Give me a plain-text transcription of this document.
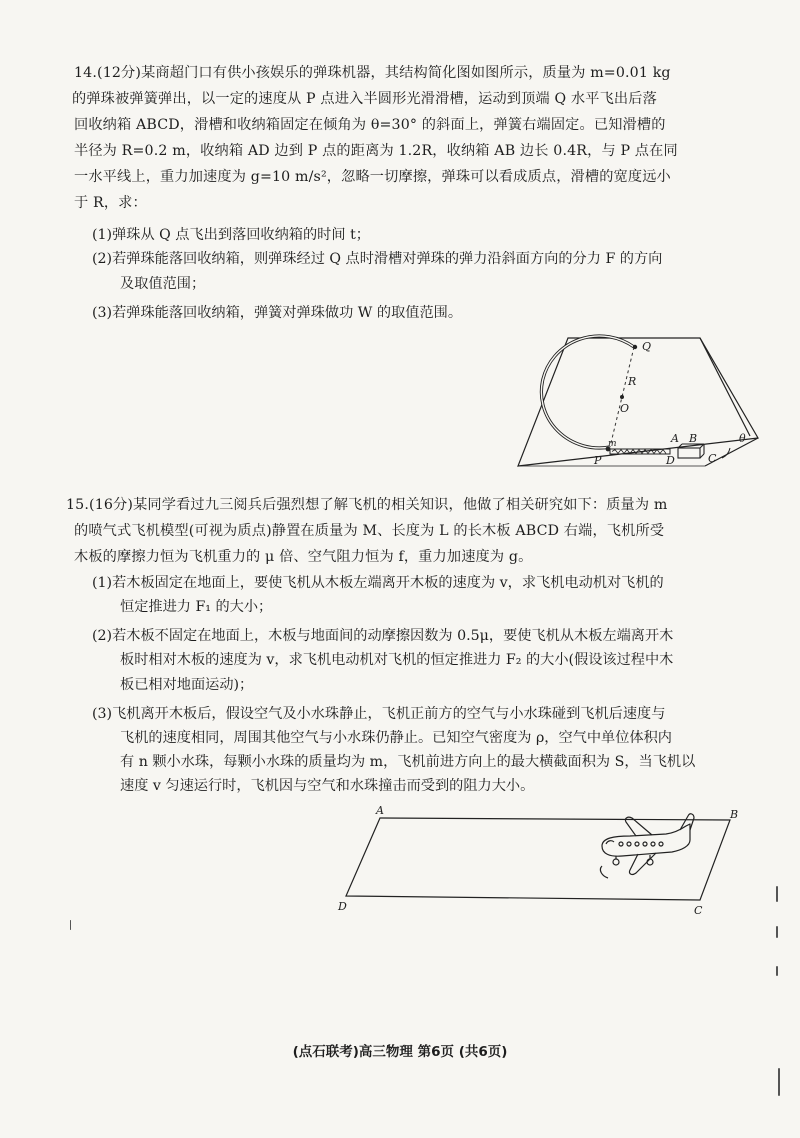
14.(12分)某商超门口有供小孩娱乐的弹珠机器，其结构简化图如图所示，质量为 m=0.01 kg
的弹珠被弹簧弹出，以一定的速度从 P 点进入半圆形光滑滑槽，运动到顶端 Q 水平飞出后落
回收纳箱 ABCD，滑槽和收纳箱固定在倾角为 θ=30° 的斜面上，弹簧右端固定。已知滑槽的
半径为 R=0.2 m，收纳箱 AD 边到 P 点的距离为 1.2R，收纳箱 AB 边长 0.4R，与 P 点在同
一水平线上，重力加速度为 g=10 m/s²，忽略一切摩擦，弹珠可以看成质点，滑槽的宽度远小
于 R，求：
(1)弹珠从 Q 点飞出到落回收纳箱的时间 t；
(2)若弹珠能落回收纳箱，则弹珠经过 Q 点时滑槽对弹珠的弹力沿斜面方向的分力 F 的方向
及取值范围；
(3)若弹珠能落回收纳箱，弹簧对弹珠做功 W 的取值范围。
Q
R
O
m
P
A B
C
D
θ
15.(16分)某同学看过九三阅兵后强烈想了解飞机的相关知识，他做了相关研究如下：质量为 m
的喷气式飞机模型(可视为质点)静置在质量为 M、长度为 L 的长木板 ABCD 右端，飞机所受
木板的摩擦力恒为飞机重力的 μ 倍、空气阻力恒为 f，重力加速度为 g。
(1)若木板固定在地面上，要使飞机从木板左端离开木板的速度为 v，求飞机电动机对飞机的
恒定推进力 F₁ 的大小；
(2)若木板不固定在地面上，木板与地面间的动摩擦因数为 0.5μ，要使飞机从木板左端离开木
板时相对木板的速度为 v，求飞机电动机对飞机的恒定推进力 F₂ 的大小(假设该过程中木
板已相对地面运动)；
(3)飞机离开木板后，假设空气及小水珠静止，飞机正前方的空气与小水珠碰到飞机后速度与
飞机的速度相同，周围其他空气与小水珠仍静止。已知空气密度为 ρ，空气中单位体积内
有 n 颗小水珠，每颗小水珠的质量均为 m，飞机前进方向上的最大横截面积为 S，当飞机以
速度 v 匀速运行时，飞机因与空气和水珠撞击而受到的阻力大小。
A	B
C
D
(点石联考)高三物理 第6页 (共6页)
